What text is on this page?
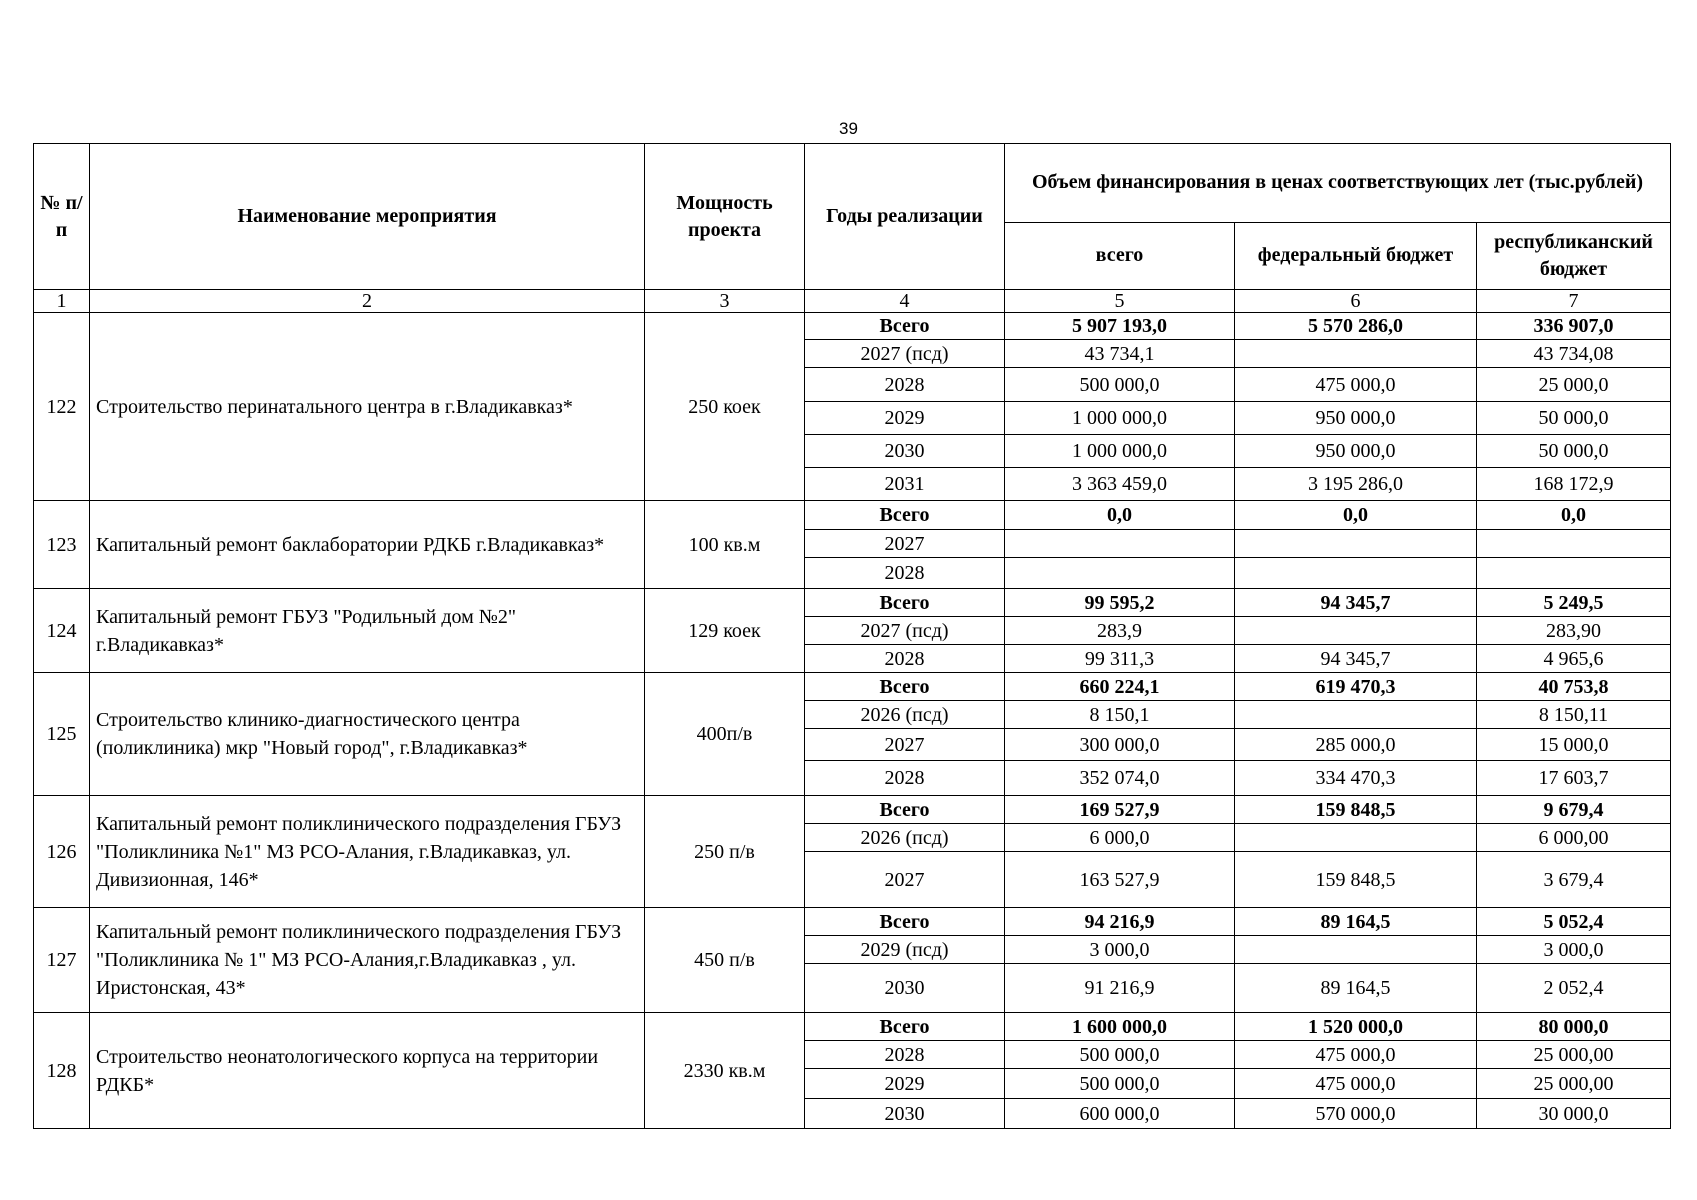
39
№ п/п	Наименование мероприятия	Мощность проекта	Годы реализации	Объем финансирования в ценах соответствующих лет (тыс.рублей)		
				всего	федеральный бюджет	республиканский бюджет
1	2	3	4	5	6	7
122	Строительство перинатального центра в г.Владикавказ*	250 коек	Всего	5 907 193,0	5 570 286,0	336 907,0
			2027 (псд)	43 734,1		43 734,08
			2028	500 000,0	475 000,0	25 000,0
			2029	1 000 000,0	950 000,0	50 000,0
			2030	1 000 000,0	950 000,0	50 000,0
			2031	3 363 459,0	3 195 286,0	168 172,9
123	Капитальный ремонт баклаборатории РДКБ г.Владикавказ*	100 кв.м	Всего	0,0	0,0	0,0
			2027			
			2028			
124	Капитальный ремонт ГБУЗ "Родильный дом №2" г.Владикавказ*	129 коек	Всего	99 595,2	94 345,7	5 249,5
			2027 (псд)	283,9		283,90
			2028	99 311,3	94 345,7	4 965,6
125	Строительство клинико-диагностического центра (поликлиника) мкр "Новый город", г.Владикавказ*	400п/в	Всего	660 224,1	619 470,3	40 753,8
			2026 (псд)	8 150,1		8 150,11
			2027	300 000,0	285 000,0	15 000,0
			2028	352 074,0	334 470,3	17 603,7
126	Капитальный ремонт поликлинического подразделения ГБУЗ "Поликлиника №1" МЗ РСО-Алания, г.Владикавказ, ул. Дивизионная, 146*	250 п/в	Всего	169 527,9	159 848,5	9 679,4
			2026 (псд)	6 000,0		6 000,00
			2027	163 527,9	159 848,5	3 679,4
127	Капитальный ремонт поликлинического подразделения ГБУЗ "Поликлиника № 1" МЗ РСО-Алания,г.Владикавказ , ул. Иристонская, 43*	450 п/в	Всего	94 216,9	89 164,5	5 052,4
			2029 (псд)	3 000,0		3 000,0
			2030	91 216,9	89 164,5	2 052,4
128	Строительство неонатологического корпуса на территории РДКБ*	2330 кв.м	Всего	1 600 000,0	1 520 000,0	80 000,0
			2028	500 000,0	475 000,0	25 000,00
			2029	500 000,0	475 000,0	25 000,00
			2030	600 000,0	570 000,0	30 000,0
